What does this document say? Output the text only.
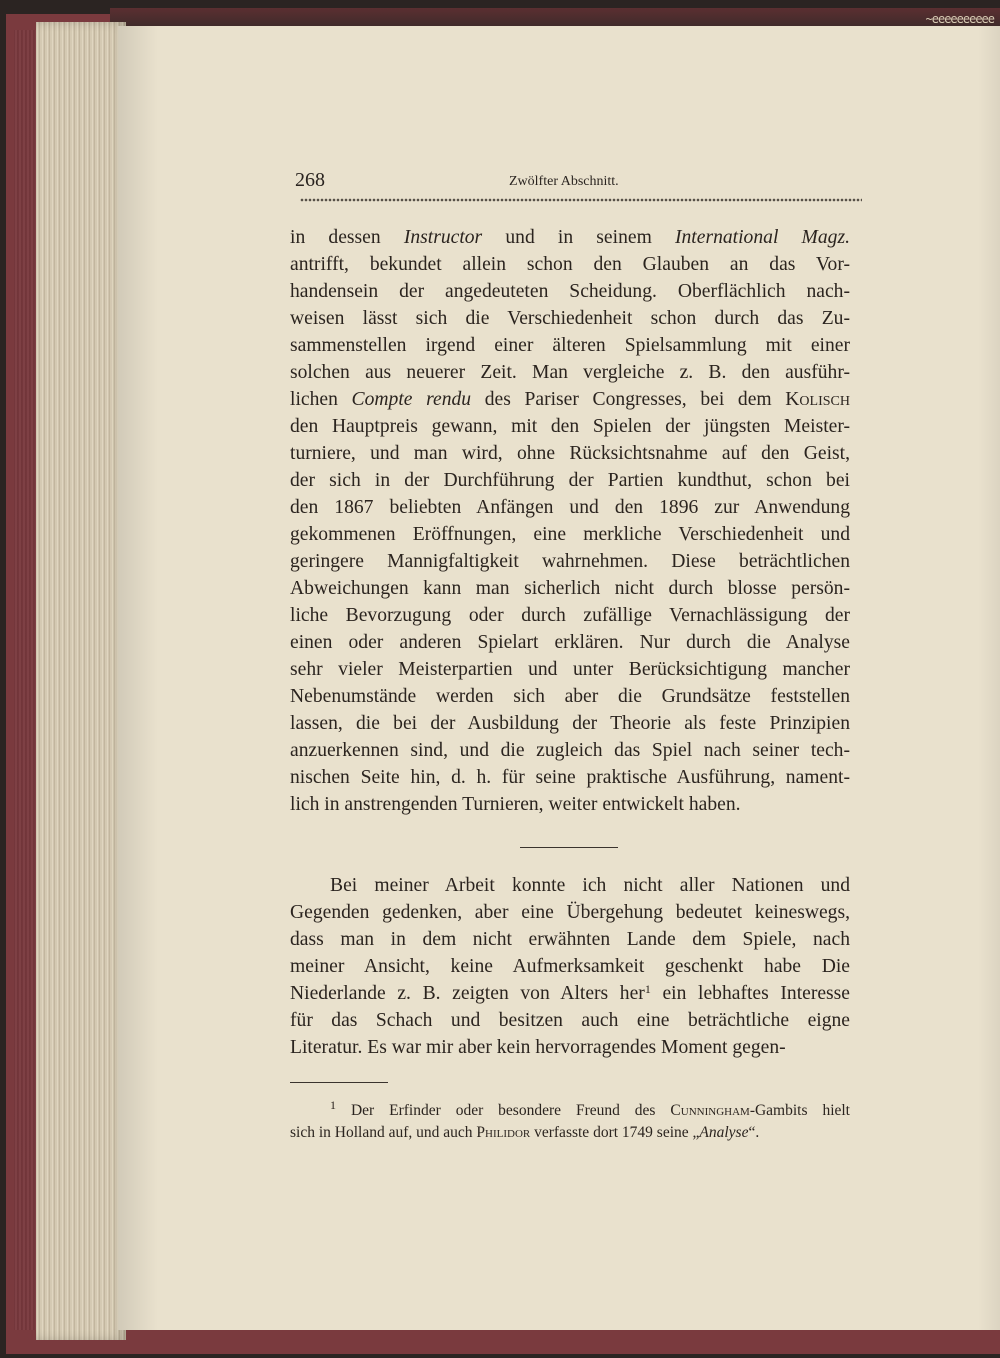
~eeeeeeeeee
268	Zwölfter Abschnitt.
in dessen Instructor und in seinem International Magz.
antrifft, bekundet allein schon den Glauben an das Vor-
handensein der angedeuteten Scheidung. Oberflächlich nach-
weisen lässt sich die Verschiedenheit schon durch das Zu-
sammenstellen irgend einer älteren Spielsammlung mit einer
solchen aus neuerer Zeit. Man vergleiche z. B. den ausführ-
lichen Compte rendu des Pariser Congresses, bei dem Kolisch
den Hauptpreis gewann, mit den Spielen der jüngsten Meister-
turniere, und man wird, ohne Rücksichtsnahme auf den Geist,
der sich in der Durchführung der Partien kundthut, schon bei
den 1867 beliebten Anfängen und den 1896 zur Anwendung
gekommenen Eröffnungen, eine merkliche Verschiedenheit und
geringere Mannigfaltigkeit wahrnehmen. Diese beträchtlichen
Abweichungen kann man sicherlich nicht durch blosse persön-
liche Bevorzugung oder durch zufällige Vernachlässigung der
einen oder anderen Spielart erklären. Nur durch die Analyse
sehr vieler Meisterpartien und unter Berücksichtigung mancher
Nebenumstände werden sich aber die Grundsätze feststellen
lassen, die bei der Ausbildung der Theorie als feste Prinzipien
anzuerkennen sind, und die zugleich das Spiel nach seiner tech-
nischen Seite hin, d. h. für seine praktische Ausführung, nament-
lich in anstrengenden Turnieren, weiter entwickelt haben.
Bei meiner Arbeit konnte ich nicht aller Nationen und
Gegenden gedenken, aber eine Übergehung bedeutet keineswegs,
dass man in dem nicht erwähnten Lande dem Spiele, nach
meiner Ansicht, keine Aufmerksamkeit geschenkt habe Die
Niederlande z. B. zeigten von Alters her$^1$ ein lebhaftes Interesse
für das Schach und besitzen auch eine beträchtliche eigne
Literatur. Es war mir aber kein hervorragendes Moment gegen-
$^1$ Der Erfinder oder besondere Freund des Cunningham-Gambits hielt
sich in Holland auf, und auch Philidor verfasste dort 1749 seine „Analyse“.
